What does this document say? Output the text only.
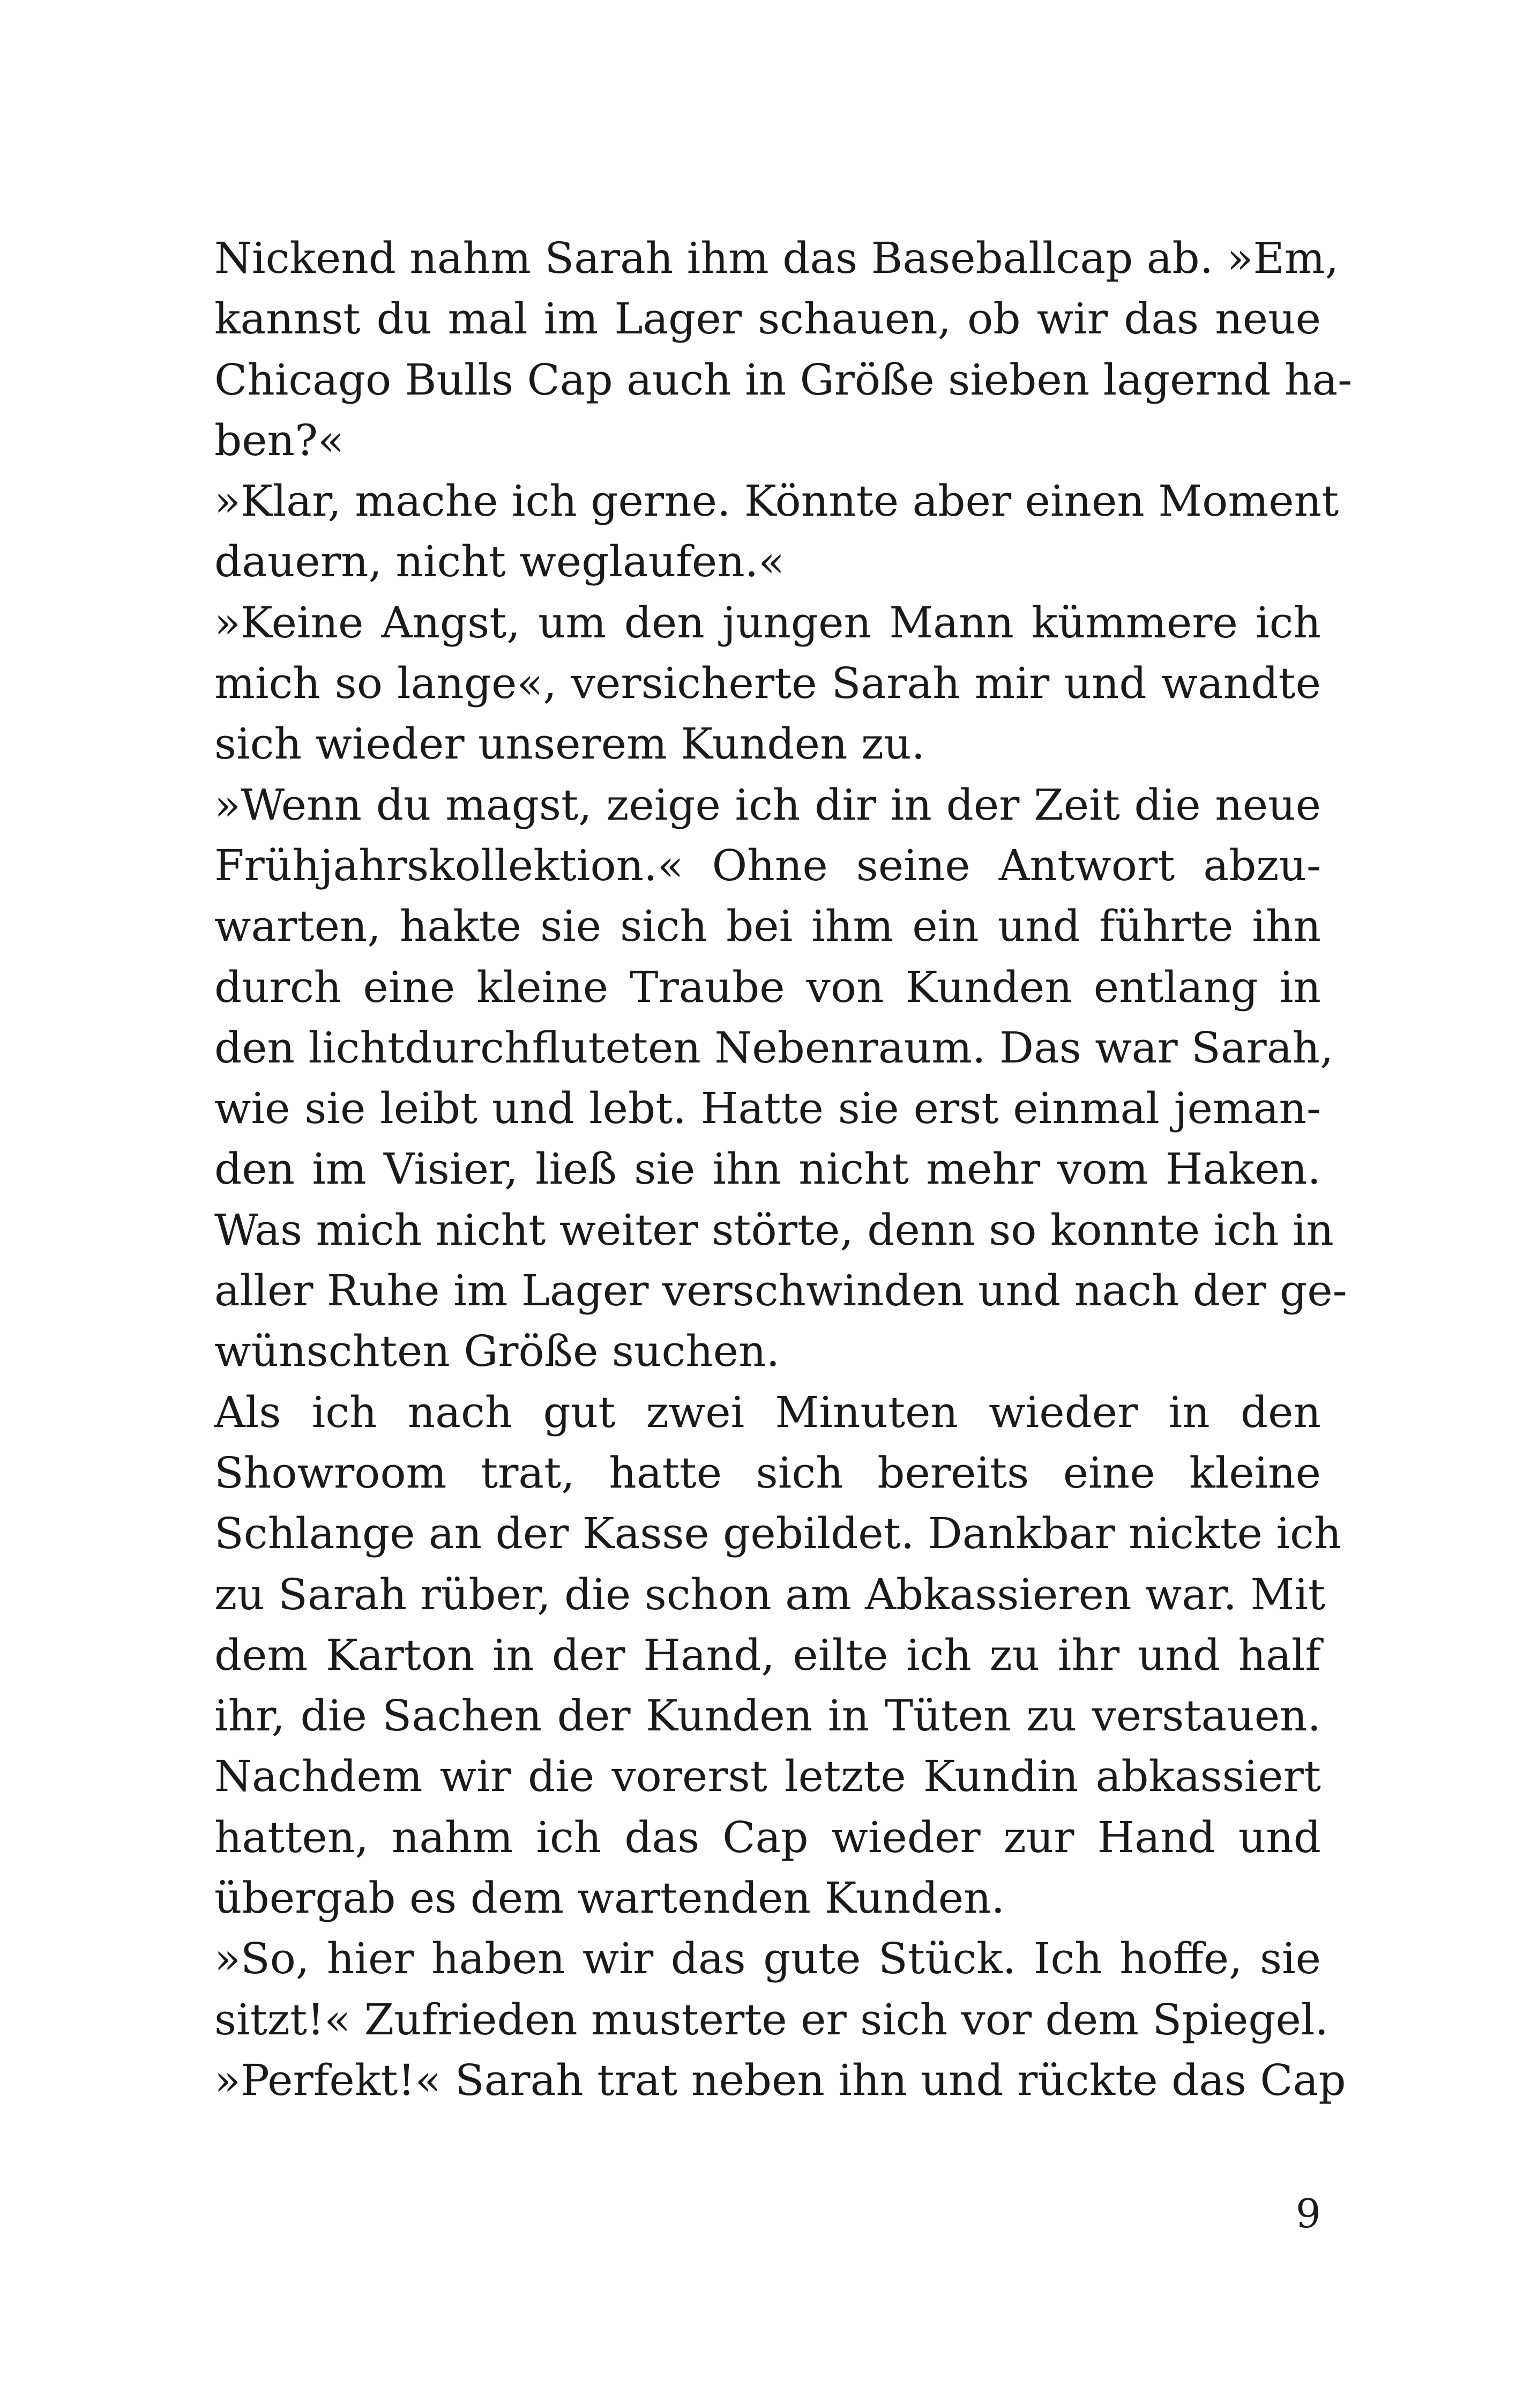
Nickend nahm Sarah ihm das Baseballcap ab. »Em,
kannst du mal im Lager schauen, ob wir das neue
Chicago Bulls Cap auch in Größe sieben lagernd ha-
ben?«
»Klar, mache ich gerne. Könnte aber einen Moment
dauern, nicht weglaufen.«
»Keine Angst, um den jungen Mann kümmere ich
mich so lange«, versicherte Sarah mir und wandte
sich wieder unserem Kunden zu.
»Wenn du magst, zeige ich dir in der Zeit die neue
Frühjahrskollektion.« Ohne seine Antwort abzu-
warten, hakte sie sich bei ihm ein und führte ihn
durch eine kleine Traube von Kunden entlang in
den lichtdurchfluteten Nebenraum. Das war Sarah,
wie sie leibt und lebt. Hatte sie erst einmal jeman-
den im Visier, ließ sie ihn nicht mehr vom Haken.
Was mich nicht weiter störte, denn so konnte ich in
aller Ruhe im Lager verschwinden und nach der ge-
wünschten Größe suchen.
Als ich nach gut zwei Minuten wieder in den
Showroom trat, hatte sich bereits eine kleine
Schlange an der Kasse gebildet. Dankbar nickte ich
zu Sarah rüber, die schon am Abkassieren war. Mit
dem Karton in der Hand, eilte ich zu ihr und half
ihr, die Sachen der Kunden in Tüten zu verstauen.
Nachdem wir die vorerst letzte Kundin abkassiert
hatten, nahm ich das Cap wieder zur Hand und
übergab es dem wartenden Kunden.
»So, hier haben wir das gute Stück. Ich hoffe, sie
sitzt!« Zufrieden musterte er sich vor dem Spiegel.
»Perfekt!« Sarah trat neben ihn und rückte das Cap
9
